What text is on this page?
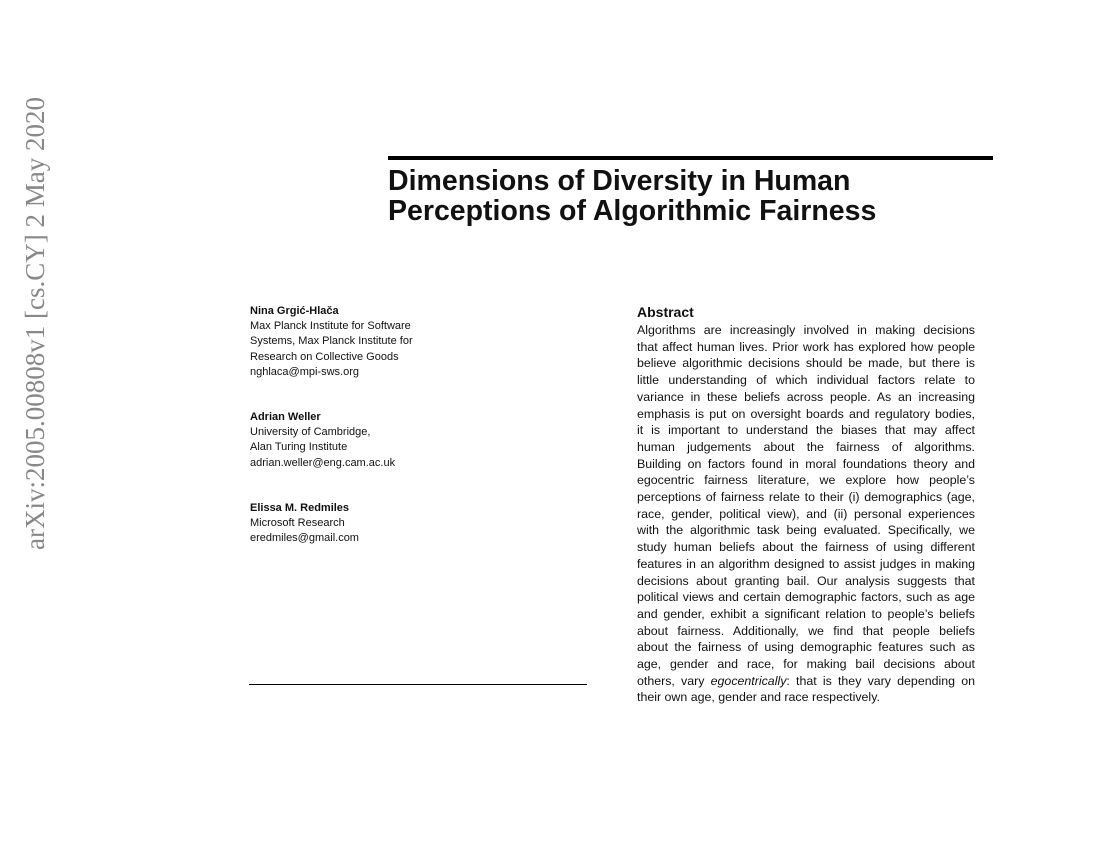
arXiv:2005.00808v1 [cs.CY] 2 May 2020	Dimensions of Diversity in Human
Perceptions of Algorithmic Fairness
Nina Grgić-Hlača
Max Planck Institute for Software
Systems, Max Planck Institute for
Research on Collective Goods
nghlaca@mpi-sws.org
Adrian Weller
University of Cambridge,
Alan Turing Institute
adrian.weller@eng.cam.ac.uk
Elissa M. Redmiles
Microsoft Research
eredmiles@gmail.com
Abstract
Algorithms are increasingly involved in making decisions
that affect human lives. Prior work has explored how people
believe algorithmic decisions should be made, but there is
little understanding of which individual factors relate to
variance in these beliefs across people. As an increasing
emphasis is put on oversight boards and regulatory bodies,
it is important to understand the biases that may affect
human judgements about the fairness of algorithms.
Building on factors found in moral foundations theory and
egocentric fairness literature, we explore how people’s
perceptions of fairness relate to their (i) demographics (age,
race, gender, political view), and (ii) personal experiences
with the algorithmic task being evaluated. Specifically, we
study human beliefs about the fairness of using different
features in an algorithm designed to assist judges in making
decisions about granting bail. Our analysis suggests that
political views and certain demographic factors, such as age
and gender, exhibit a significant relation to people’s beliefs
about fairness. Additionally, we find that people beliefs
about the fairness of using demographic features such as
age, gender and race, for making bail decisions about
others, vary egocentrically: that is they vary depending on
their own age, gender and race respectively.
